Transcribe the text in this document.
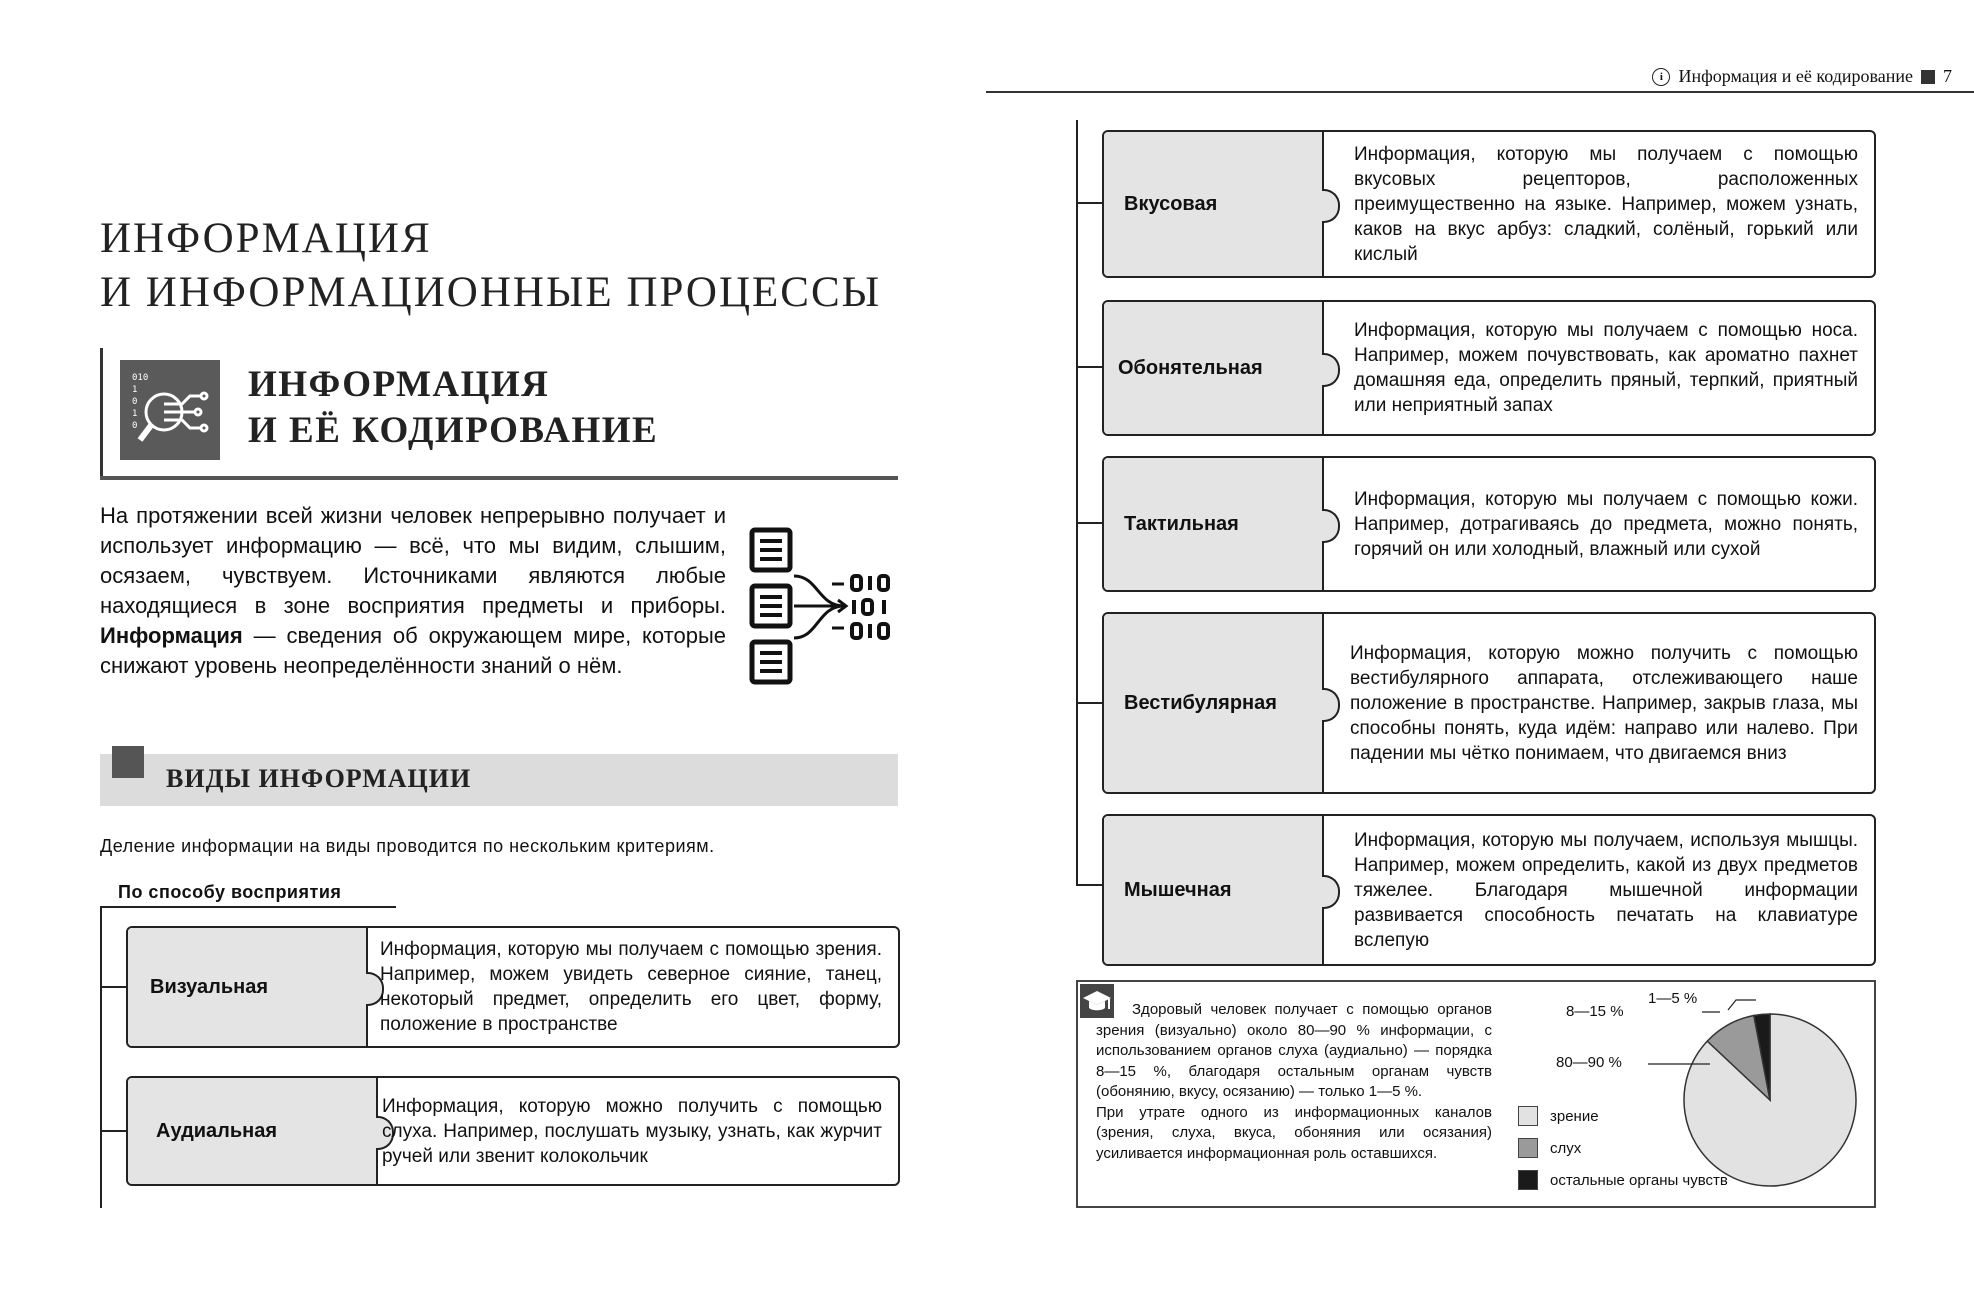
i Информация и её кодирование 7
ИНФОРМАЦИЯ
И ИНФОРМАЦИОННЫЕ ПРОЦЕССЫ
010
1
0
1
0
ИНФОРМАЦИЯ
И ЕЁ КОДИРОВАНИЕ
На протяжении всей жизни человек непрерывно получает и использует информацию — всё, что мы видим, слышим, осязаем, чувствуем. Источниками являются любые находящиеся в зоне восприятия предметы и приборы. Информация — сведения об окружающем мире, которые снижают уровень неопределённости знаний о нём.
ВИДЫ ИНФОРМАЦИИ
Деление информации на виды проводится по нескольким критериям.
По способу восприятия
Визуальная
Информация, которую мы получаем с помощью зрения. Например, можем увидеть северное сияние, танец, некоторый предмет, определить его цвет, форму, положение в пространстве
Аудиальная
Информация, которую можно получить с помощью слуха. Например, послушать музыку, узнать, как журчит ручей или звенит колокольчик
Вкусовая
Информация, которую мы получаем с помощью вкусовых рецепторов, расположенных преимущественно на языке. Например, можем узнать, каков на вкус арбуз: сладкий, солёный, горький или кислый
Обонятельная
Информация, которую мы получаем с помощью носа. Например, можем почувствовать, как ароматно пахнет домашняя еда, определить пряный, терпкий, приятный или неприятный запах
Тактильная
Информация, которую мы получаем с помощью кожи. Например, дотрагиваясь до предмета, можно понять, горячий он или холодный, влажный или сухой
Вестибулярная
Информация, которую можно получить с помощью вестибулярного аппарата, отслеживающего наше положение в пространстве. Например, закрыв глаза, мы способны понять, куда идём: направо или налево. При падении мы чётко понимаем, что двигаемся вниз
Мышечная
Информация, которую мы получаем, используя мышцы. Например, можем определить, какой из двух предметов тяжелее. Благодаря мышечной информации развивается способность печатать на клавиатуре вслепую
Здоровый человек получает с помощью органов зрения (визуально) около 80—90 % информации, с использованием органов слуха (аудиально) — порядка 8—15 %, благодаря остальным органам чувств (обонянию, вкусу, осязанию) — только 1—5 %.
При утрате одного из информационных каналов (зрения, слуха, вкуса, обоняния или осязания) усиливается информационная роль оставшихся.
зрение
слух
остальные органы чувств
1—5 %
8—15 %
80—90 %
